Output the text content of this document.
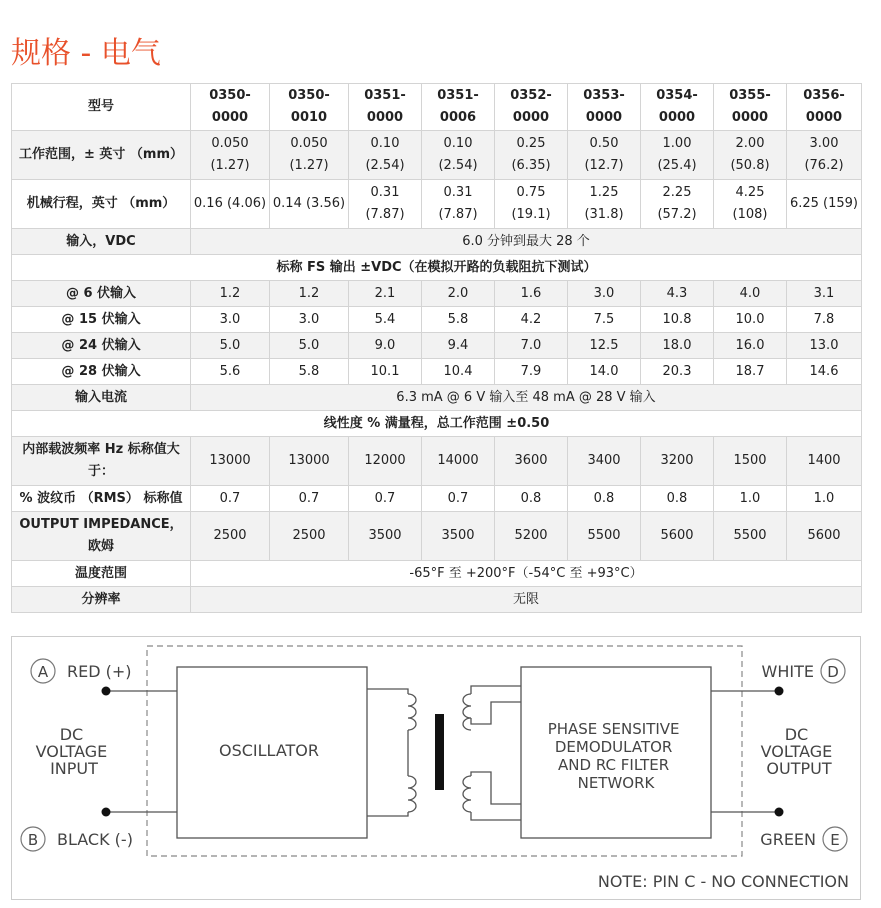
规格 - 电气
型号	0350-0000	0350-0010	0351-0000	0351-0006	0352-0000	0353-0000	0354-0000	0355-0000	0356-0000
工作范围，± 英寸 （mm）	0.050 (1.27)	0.050 (1.27)	0.10 (2.54)	0.10 (2.54)	0.25 (6.35)	0.50 (12.7)	1.00 (25.4)	2.00 (50.8)	3.00 (76.2)
机械行程，英寸 （mm）	0.16 (4.06)	0.14 (3.56)	0.31 (7.87)	0.31 (7.87)	0.75 (19.1)	1.25 (31.8)	2.25 (57.2)	4.25 (108)	6.25 (159)
输入，VDC	6.0 分钟到最大 28 个								
标称 FS 输出 ±VDC（在模拟开路的负载阻抗下测试）									
@ 6 伏输入	1.2	1.2	2.1	2.0	1.6	3.0	4.3	4.0	3.1
@ 15 伏输入	3.0	3.0	5.4	5.8	4.2	7.5	10.8	10.0	7.8
@ 24 伏输入	5.0	5.0	9.0	9.4	7.0	12.5	18.0	16.0	13.0
@ 28 伏输入	5.6	5.8	10.1	10.4	7.9	14.0	20.3	18.7	14.6
输入电流	6.3 mA @ 6 V 输入至 48 mA @ 28 V 输入								
线性度 % 满量程，总工作范围 ±0.50									
内部载波频率 Hz 标称值大于：	13000	13000	12000	14000	3600	3400	3200	1500	1400
% 波纹币 （RMS） 标称值	0.7	0.7	0.7	0.7	0.8	0.8	0.8	1.0	1.0
OUTPUT IMPEDANCE，欧姆	2500	2500	3500	3500	5200	5500	5600	5500	5600
温度范围	-65°F 至 +200°F（-54°C 至 +93°C）								
分辨率	无限								
A RED (+)
B BLACK (-)
D
WHITE
E
GREEN
DC VOLTAGE INPUT
DC VOLTAGE OUTPUT
OSCILLATOR
PHASE SENSITIVE DEMODULATOR AND RC FILTER NETWORK
NOTE: PIN C - NO CONNECTION
